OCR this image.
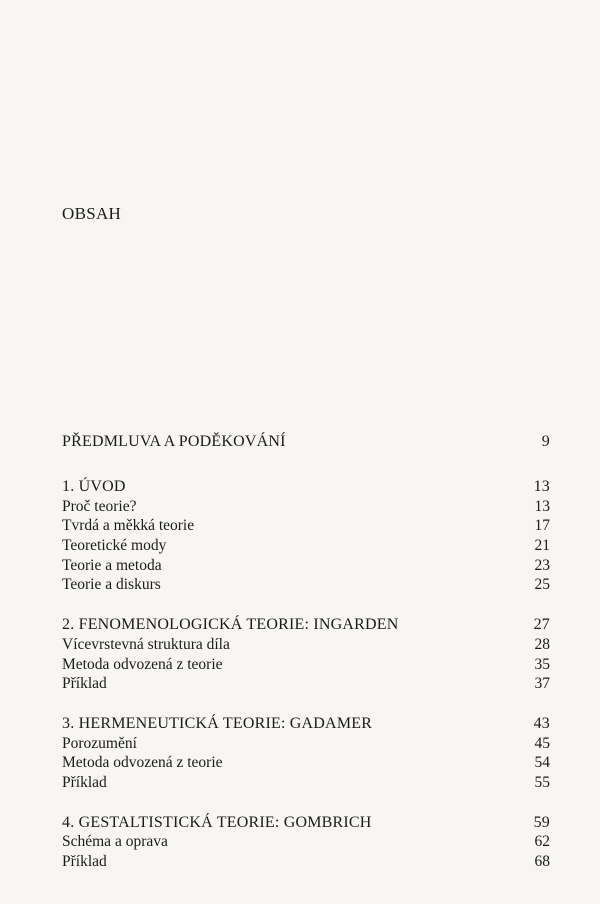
OBSAH
PŘEDMLUVA A PODĚKOVÁNÍ	9
1. ÚVOD	13
Proč teorie?	13
Tvrdá a měkká teorie	17
Teoretické mody	21
Teorie a metoda	23
Teorie a diskurs	25
2. FENOMENOLOGICKÁ TEORIE: INGARDEN	27
Vícevrstevná struktura díla	28
Metoda odvozená z teorie	35
Příklad	37
3. HERMENEUTICKÁ TEORIE: GADAMER	43
Porozumění	45
Metoda odvozená z teorie	54
Příklad	55
4. GESTALTISTICKÁ TEORIE: GOMBRICH	59
Schéma a oprava	62
Příklad	68
